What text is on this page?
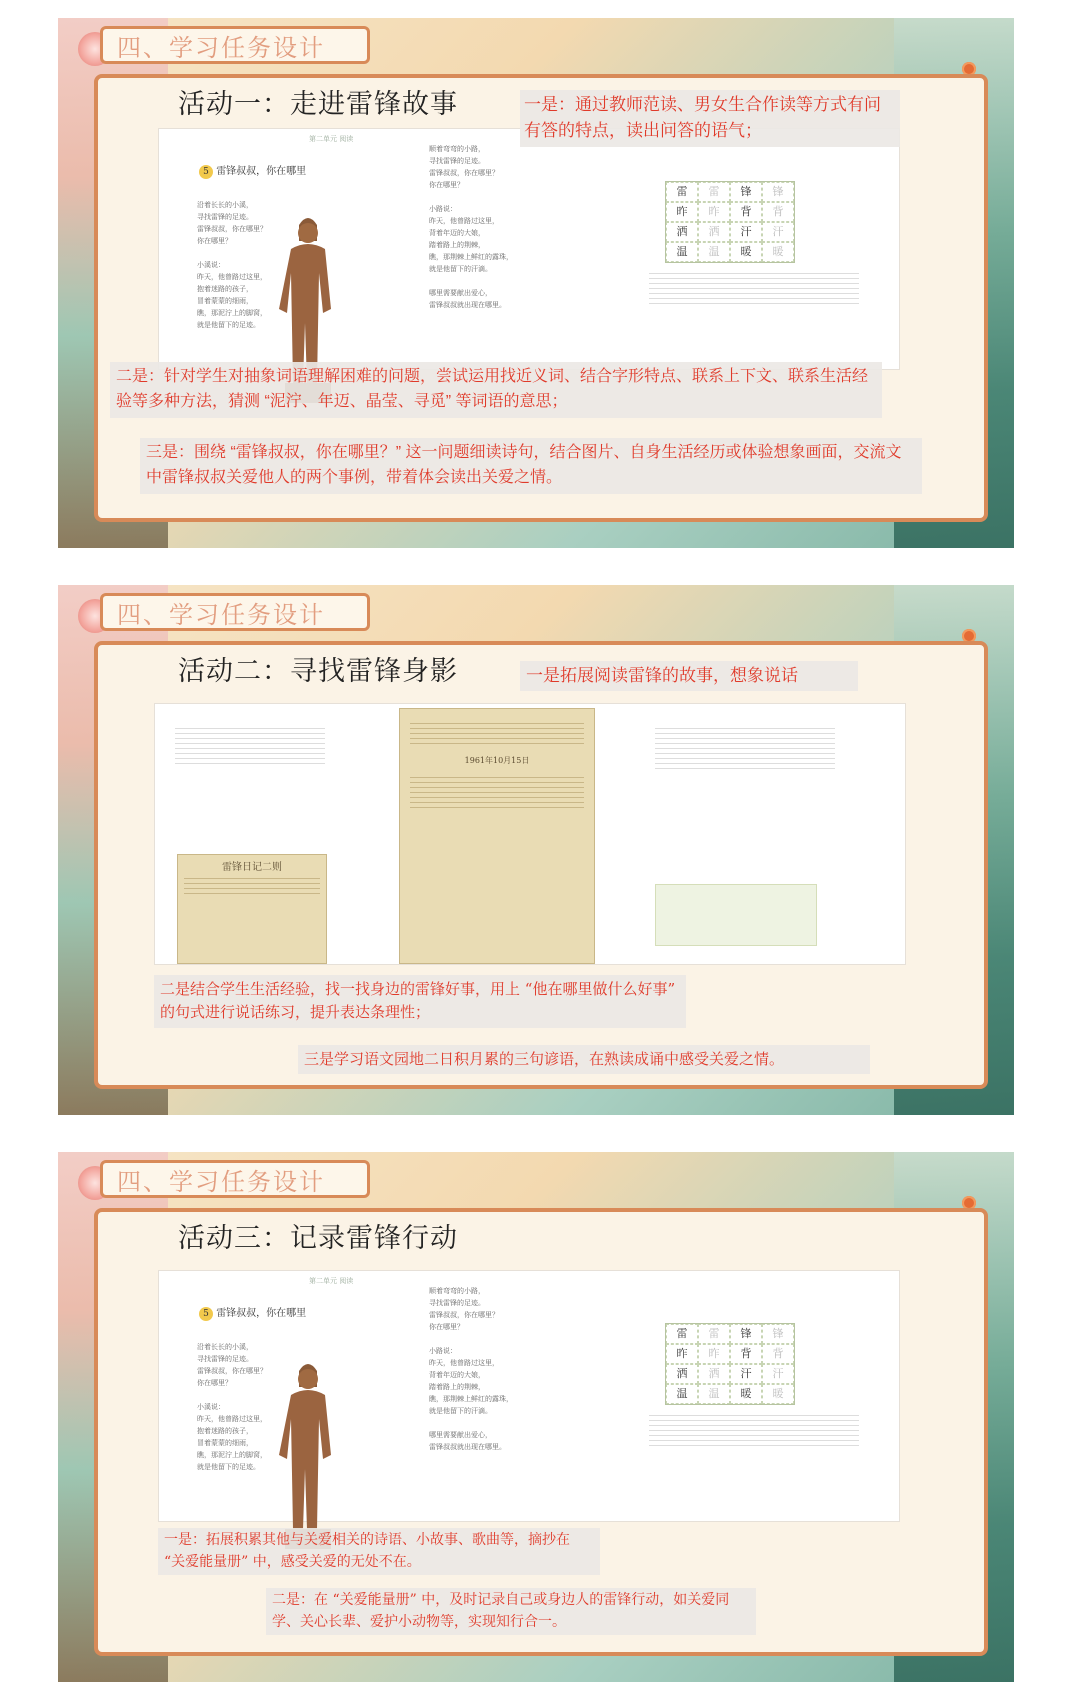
四、学习任务设计
活动一：走进雷锋故事
第二单元 阅读
5 雷锋叔叔，你在哪里
沿着长长的小溪，
寻找雷锋的足迹。
雷锋叔叔，你在哪里？
你在哪里？

小溪说：
昨天，他曾路过这里，
抱着迷路的孩子，
冒着蒙蒙的细雨，
瞧，那泥泞上的脚窝，
就是他留下的足迹。
顺着弯弯的小路，
寻找雷锋的足迹。
雷锋叔叔，你在哪里？
你在哪里？

小路说：
昨天，他曾路过这里，
背着年迈的大娘，
踏着路上的荆棘，
瞧，那荆棘上鲜红的露珠，
就是他留下的汗滴。

哪里需要献出爱心，
雷锋叔叔就出现在哪里。
雷	雷	锋	锋
昨	昨	背	背
洒	洒	汗	汗
温	温	暖	暖
一是：通过教师范读、男女生合作读等方式有问有答的特点，读出问答的语气；
二是：针对学生对抽象词语理解困难的问题，尝试运用找近义词、结合字形特点、联系上下文、联系生活经验等多种方法，猜测 “泥泞、年迈、晶莹、寻觅” 等词语的意思；
三是：围绕 “雷锋叔叔，你在哪里？” 这一问题细读诗句，结合图片、自身生活经历或体验想象画面，交流文中雷锋叔叔关爱他人的两个事例，带着体会读出关爱之情。
四、学习任务设计
活动二：寻找雷锋身影
雷锋日记二则
1961年10月15日
一是拓展阅读雷锋的故事，想象说话
二是结合学生生活经验，找一找身边的雷锋好事，用上 “他在哪里做什么好事” 的句式进行说话练习，提升表达条理性；
三是学习语文园地二日积月累的三句谚语，在熟读成诵中感受关爱之情。
四、学习任务设计
活动三：记录雷锋行动
第二单元 阅读
5 雷锋叔叔，你在哪里
沿着长长的小溪，
寻找雷锋的足迹。
雷锋叔叔，你在哪里？
你在哪里？

小溪说：
昨天，他曾路过这里，
抱着迷路的孩子，
冒着蒙蒙的细雨，
瞧，那泥泞上的脚窝，
就是他留下的足迹。
顺着弯弯的小路，
寻找雷锋的足迹。
雷锋叔叔，你在哪里？
你在哪里？

小路说：
昨天，他曾路过这里，
背着年迈的大娘，
踏着路上的荆棘，
瞧，那荆棘上鲜红的露珠，
就是他留下的汗滴。

哪里需要献出爱心，
雷锋叔叔就出现在哪里。
雷	雷	锋	锋
昨	昨	背	背
洒	洒	汗	汗
温	温	暖	暖
一是：拓展积累其他与关爱相关的诗语、小故事、歌曲等，摘抄在 “关爱能量册” 中，感受关爱的无处不在。
二是：在 “关爱能量册” 中，及时记录自己或身边人的雷锋行动，如关爱同学、关心长辈、爱护小动物等，实现知行合一。
